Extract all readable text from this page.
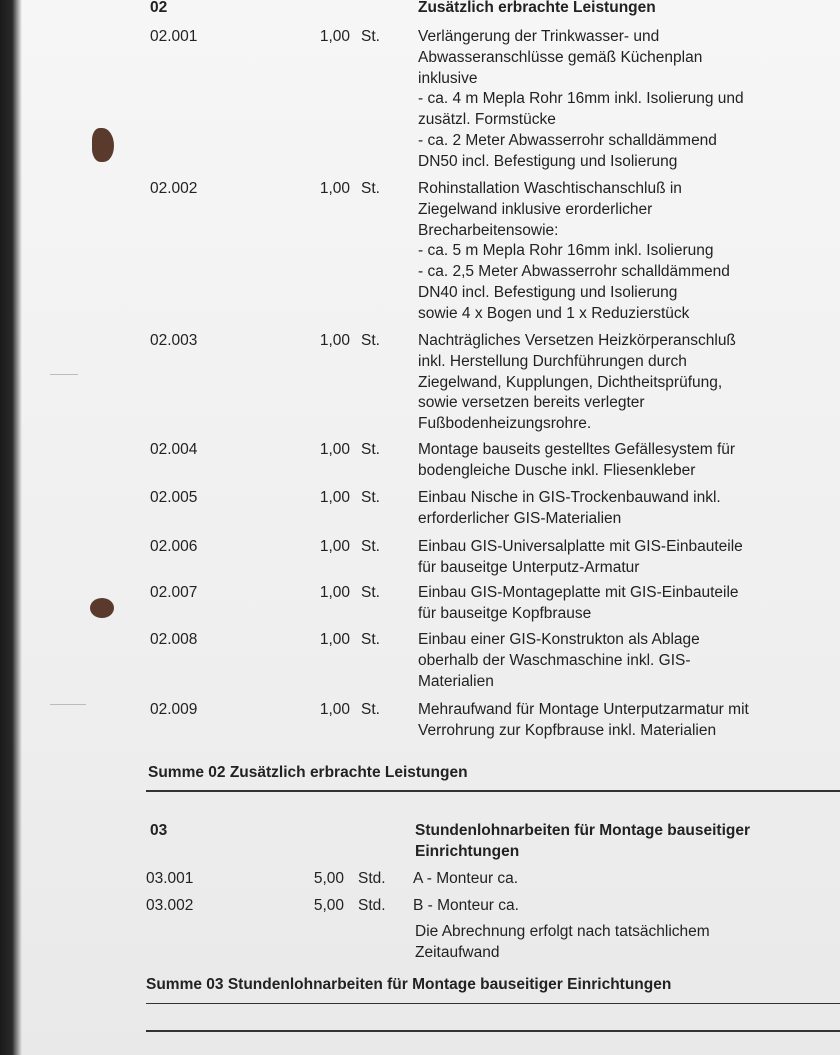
02	Zusätzlich erbrachte Leistungen
02.001	1,00 St. Verlängerung der Trinkwasser- und
Abwasseranschlüsse gemäß Küchenplan
inklusive
- ca. 4 m Mepla Rohr 16mm inkl. Isolierung und
zusätzl. Formstücke
- ca. 2 Meter Abwasserrohr schalldämmend
DN50 incl. Befestigung und Isolierung
02.002	1,00 St. Rohinstallation Waschtischanschluß in
Ziegelwand inklusive erorderlicher
Brecharbeitensowie:
- ca. 5 m Mepla Rohr 16mm inkl. Isolierung
- ca. 2,5 Meter Abwasserrohr schalldämmend
DN40 incl. Befestigung und Isolierung
sowie 4 x Bogen und 1 x Reduzierstück
02.003	1,00 St. Nachträgliches Versetzen Heizkörperanschluß
inkl. Herstellung Durchführungen durch
Ziegelwand, Kupplungen, Dichtheitsprüfung,
sowie versetzen bereits verlegter
Fußbodenheizungsrohre.
02.004	1,00 St. Montage bauseits gestelltes Gefällesystem für
bodengleiche Dusche inkl. Fliesenkleber
02.005	1,00 St. Einbau Nische in GIS-Trockenbauwand inkl.
erforderlicher GIS-Materialien
02.006	1,00 St. Einbau GIS-Universalplatte mit GIS-Einbauteile
für bauseitge Unterputz-Armatur
02.007	1,00 St. Einbau GIS-Montageplatte mit GIS-Einbauteile
für bauseitge Kopfbrause
02.008	1,00 St. Einbau einer GIS-Konstrukton als Ablage
oberhalb der Waschmaschine inkl. GIS-
Materialien
02.009	1,00 St. Mehraufwand für Montage Unterputzarmatur mit
Verrohrung zur Kopfbrause inkl. Materialien
Summe 02 Zusätzlich erbrachte Leistungen
03	Stundenlohnarbeiten für Montage bauseitiger
Einrichtungen
03.001	5,00 Std. A - Monteur ca.
03.002	5,00 Std. B - Monteur ca.
Die Abrechnung erfolgt nach tatsächlichem
Zeitaufwand
Summe 03 Stundenlohnarbeiten für Montage bauseitiger Einrichtungen
